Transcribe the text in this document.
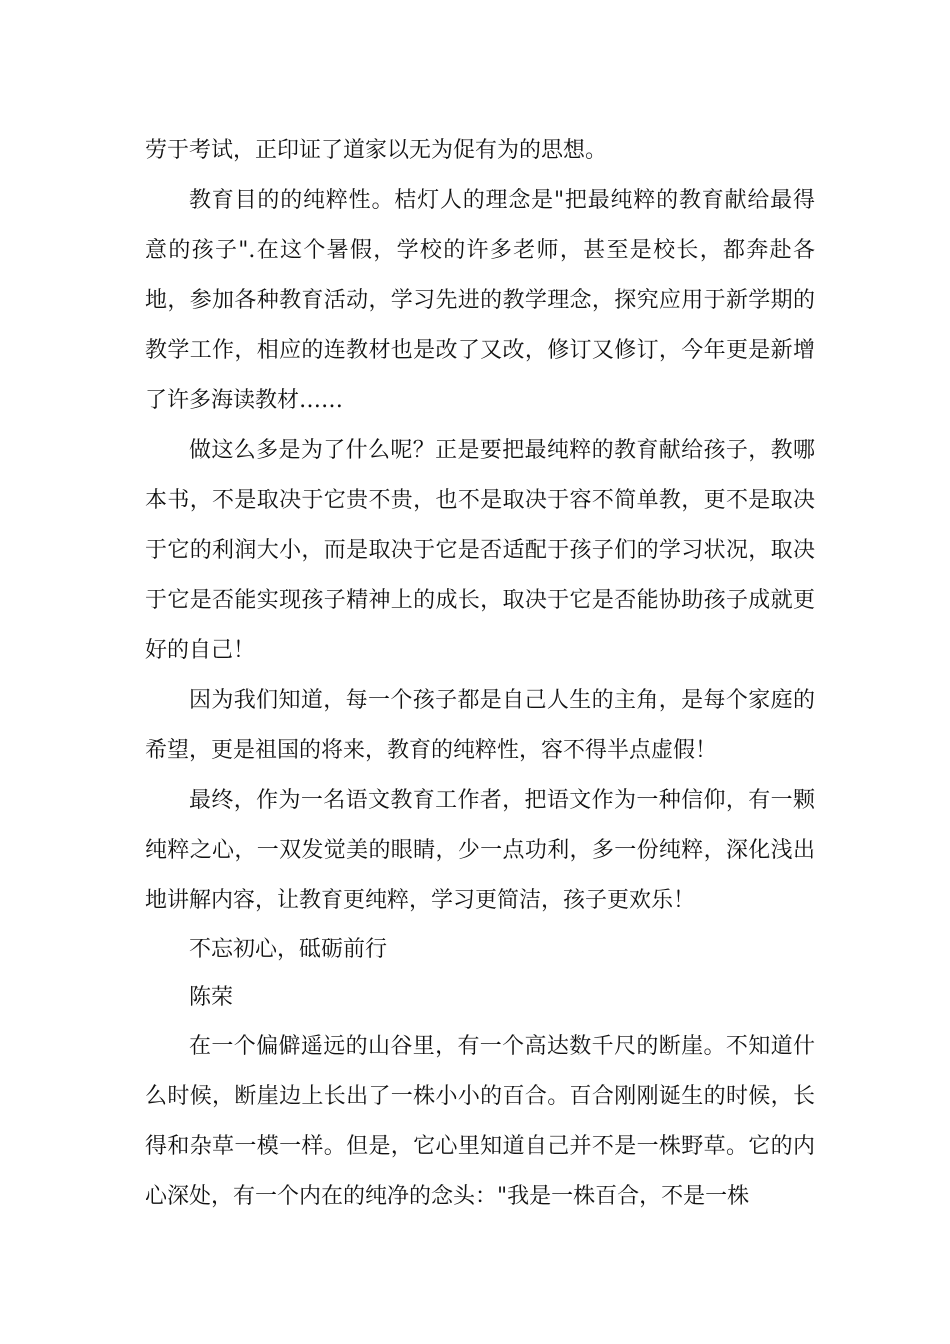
劳于考试，正印证了道家以无为促有为的思想。

教育目的的纯粹性。桔灯人的理念是"把最纯粹的教育献给最得意的孩子".在这个暑假，学校的许多老师，甚至是校长，都奔赴各地，参加各种教育活动，学习先进的教学理念，探究应用于新学期的教学工作，相应的连教材也是改了又改，修订又修订，今年更是新增了许多海读教材……

做这么多是为了什么呢？正是要把最纯粹的教育献给孩子，教哪本书，不是取决于它贵不贵，也不是取决于容不简单教，更不是取决于它的利润大小，而是取决于它是否适配于孩子们的学习状况，取决于它是否能实现孩子精神上的成长，取决于它是否能协助孩子成就更好的自己！

因为我们知道，每一个孩子都是自己人生的主角，是每个家庭的希望，更是祖国的将来，教育的纯粹性，容不得半点虚假！

最终，作为一名语文教育工作者，把语文作为一种信仰，有一颗纯粹之心，一双发觉美的眼睛，少一点功利，多一份纯粹，深化浅出地讲解内容，让教育更纯粹，学习更简洁，孩子更欢乐！

不忘初心，砥砺前行

陈荣

在一个偏僻遥远的山谷里，有一个高达数千尺的断崖。不知道什么时候，断崖边上长出了一株小小的百合。百合刚刚诞生的时候，长得和杂草一模一样。但是，它心里知道自己并不是一株野草。它的内心深处，有一个内在的纯净的念头："我是一株百合，不是一株
